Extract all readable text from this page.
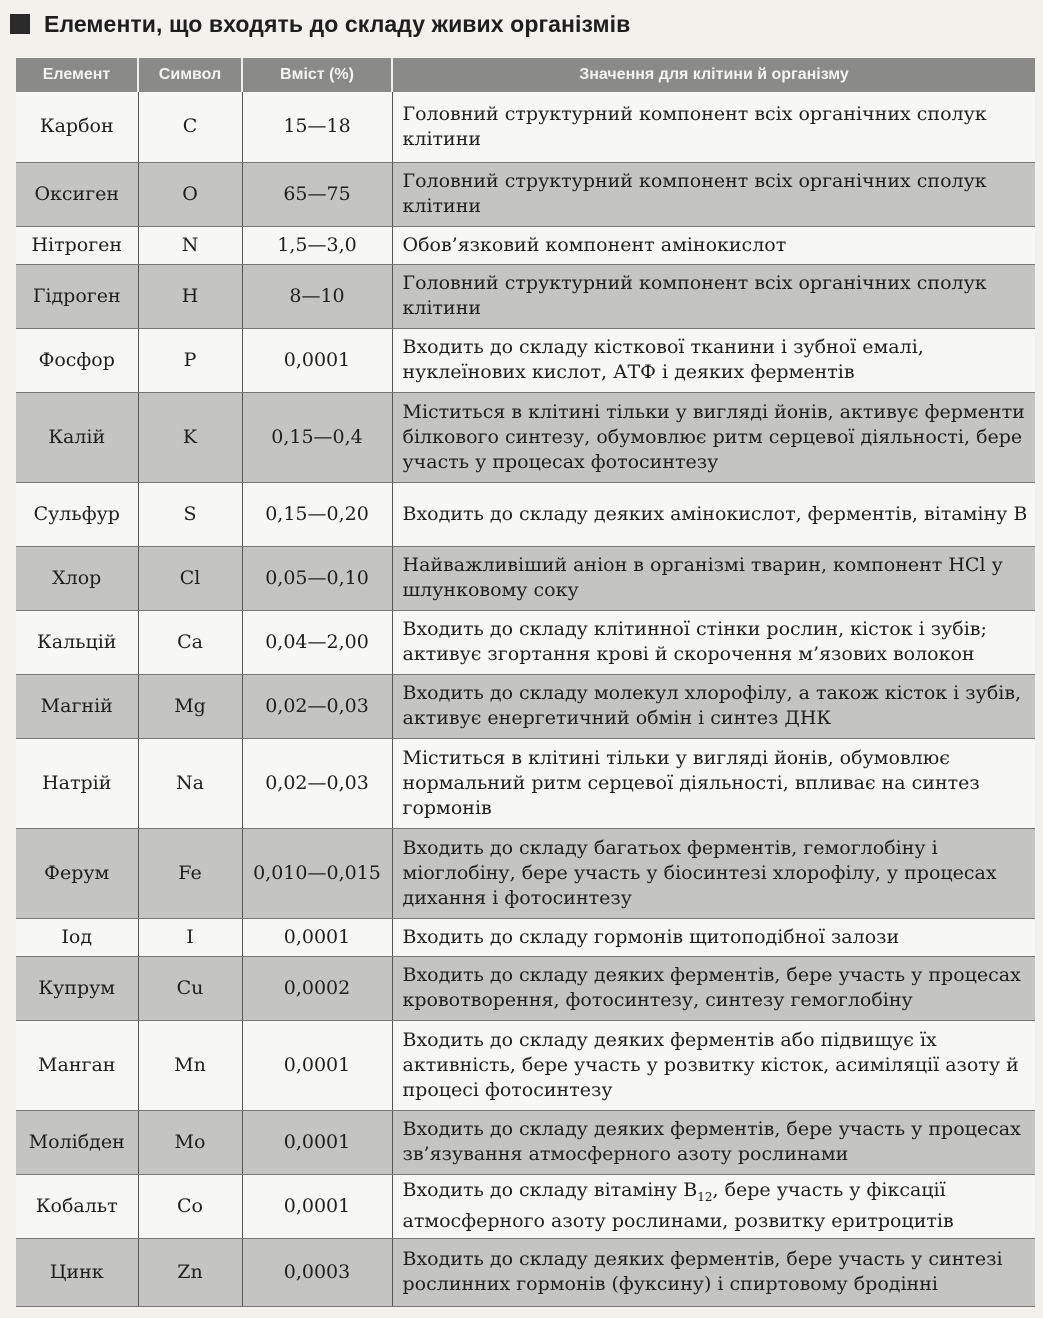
Елементи, що входять до складу живих організмів
Елемент	Символ	Вміст (%)	Значення для клітини й організму
Карбон	C	15—18	Головний структурний компонент всіх органічних сполук клітини
Оксиген	O	65—75	Головний структурний компонент всіх органічних сполук клітини
Нітроген	N	1,5—3,0	Обов’язковий компонент амінокислот
Гідроген	H	8—10	Головний структурний компонент всіх органічних сполук клітини
Фосфор	P	0,0001	Входить до складу кісткової тканини і зубної емалі, нуклеїнових кислот, АТФ і деяких ферментів
Калій	K	0,15—0,4	Міститься в клітині тільки у вигляді йонів, активує ферменти білкового синтезу, обумовлює ритм серцевої діяльності, бере участь у процесах фотосинтезу
Сульфур	S	0,15—0,20	Входить до складу деяких амінокислот, ферментів, вітаміну B
Хлор	Cl	0,05—0,10	Найважливіший аніон в організмі тварин, компонент HCl у шлунковому соку
Кальцій	Ca	0,04—2,00	Входить до складу клітинної стінки рослин, кісток і зубів; активує згортання крові й скорочення м’язових волокон
Магній	Mg	0,02—0,03	Входить до складу молекул хлорофілу, а також кісток і зубів, активує енергетичний обмін і синтез ДНК
Натрій	Na	0,02—0,03	Міститься в клітині тільки у вигляді йонів, обумовлює нормальний ритм серцевої діяльності, впливає на синтез гормонів
Ферум	Fe	0,010—0,015	Входить до складу багатьох ферментів, гемоглобіну і міоглобіну, бере участь у біосинтезі хлорофілу, у процесах дихання і фотосинтезу
Іод	I	0,0001	Входить до складу гормонів щитоподібної залози
Купрум	Cu	0,0002	Входить до складу деяких ферментів, бере участь у процесах кровотворення, фотосинтезу, синтезу гемоглобіну
Манган	Mn	0,0001	Входить до складу деяких ферментів або підвищує їх активність, бере участь у розвитку кісток, асиміляції азоту й процесі фотосинтезу
Молібден	Mo	0,0001	Входить до складу деяких ферментів, бере участь у процесах зв’язування атмосферного азоту рослинами
Кобальт	Co	0,0001	Входить до складу вітаміну $B_{12}$, бере участь у фіксації атмосферного азоту рослинами, розвитку еритроцитів
Цинк	Zn	0,0003	Входить до складу деяких ферментів, бере участь у синтезі рослинних гормонів (фуксину) і спиртовому бродінні
